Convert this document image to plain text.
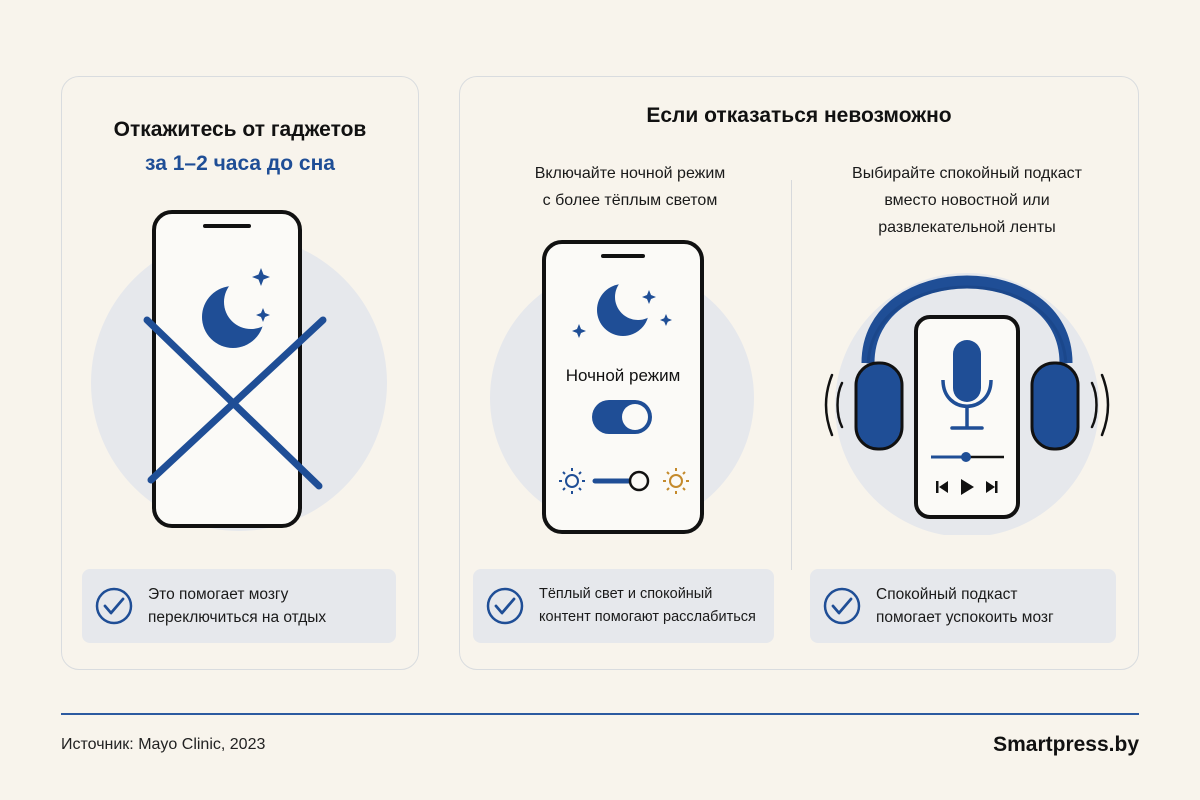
Откажитесь от гаджетов
за 1–2 часа до сна
Это помогает мозгу
переключиться на отдых
Если отказаться невозможно
Включайте ночной режим
с более тёплым светом
Ночной режим
Тёплый свет и спокойный
контент помогают расслабиться
Выбирайте спокойный подкаст
вместо новостной или
развлекательной ленты
Спокойный подкаст
помогает успокоить мозг
Источник: Mayo Clinic, 2023	Smartpress.by
